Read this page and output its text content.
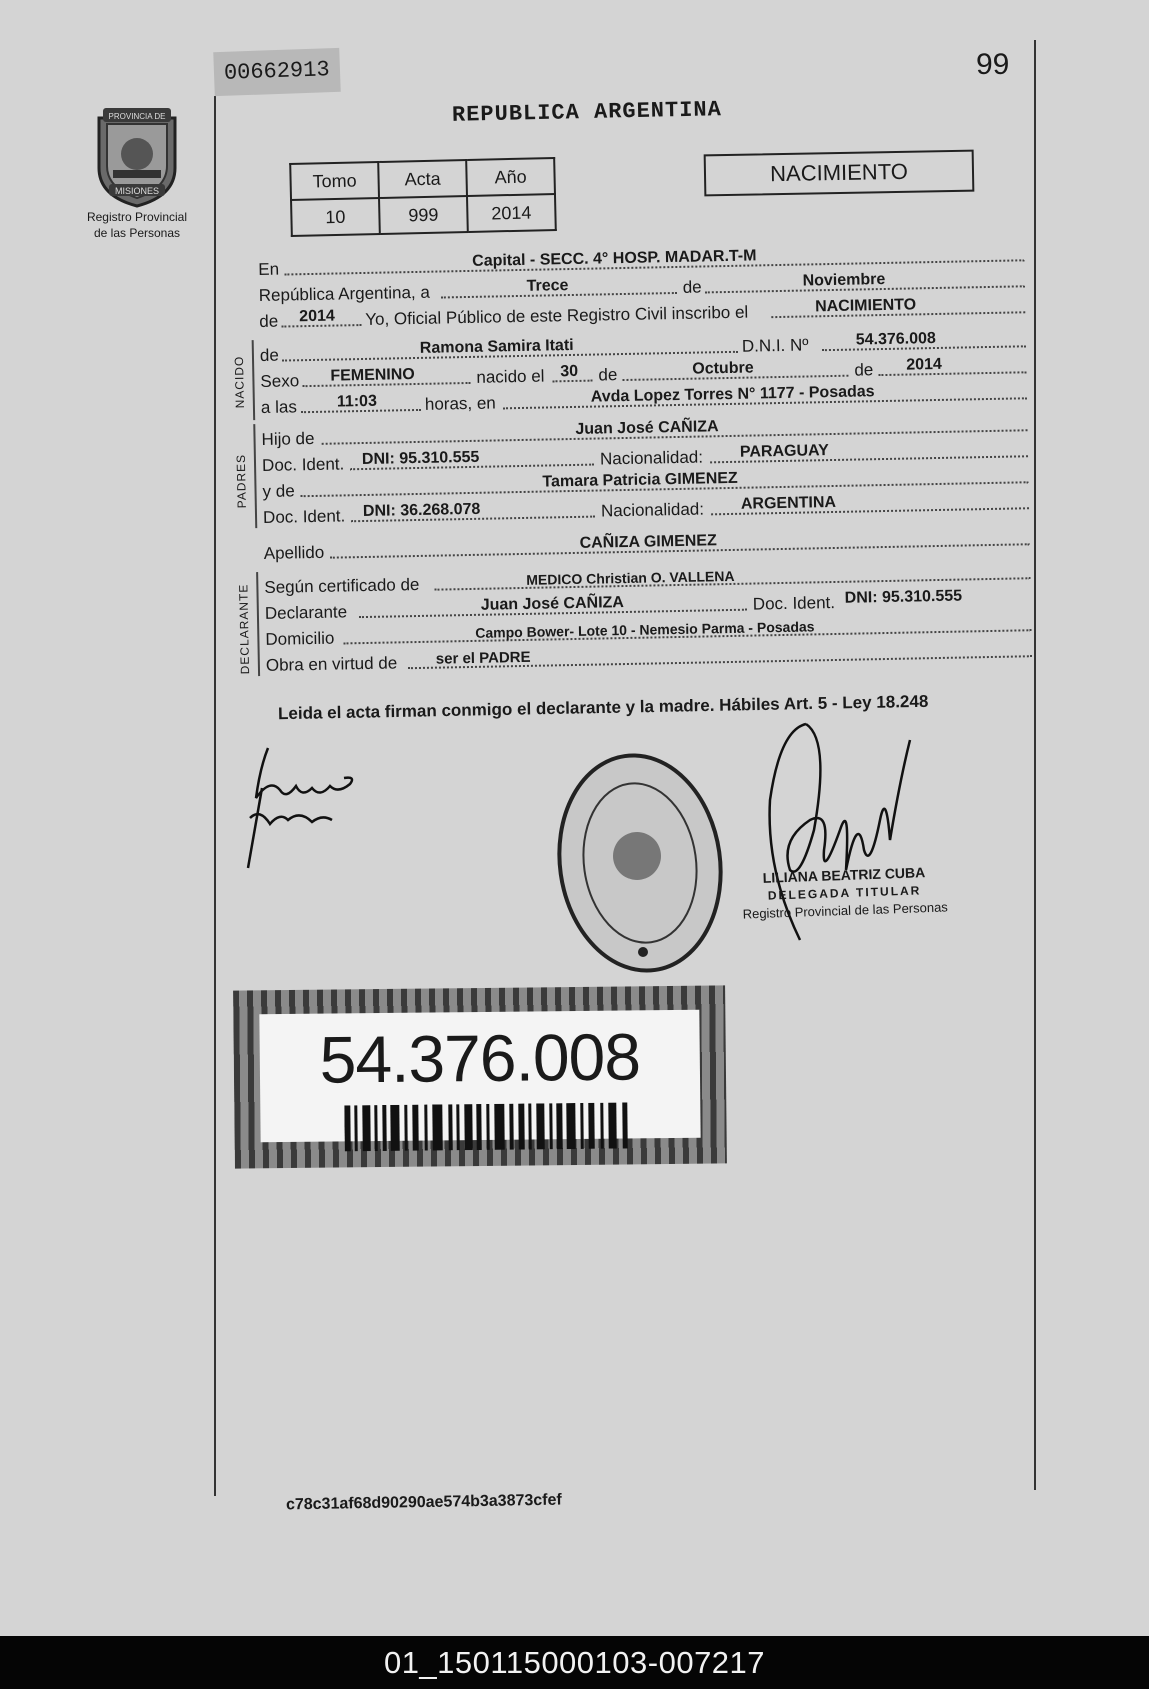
00662913	99
PROVINCIA DE
MISIONES
Registro Provincial
de las Personas
REPUBLICA ARGENTINA
Tomo	Acta	Año
10	999	2014
NACIMIENTO
En	Capital - SECC. 4° HOSP. MADAR.T-M
República Argentina, a	Trece	de	Noviembre
de 2014 Yo, Oficial Público de este Registro Civil inscribo el	NACIMIENTO
NACIDO
de	Ramona Samira Itati	D.N.I. Nº	54.376.008
Sexo FEMENINO	nacido el 30 de	Octubre	de 2014
a las 11:03	horas, en	Avda Lopez Torres N° 1177 - Posadas
PADRES
Hijo de
Juan José CAÑIZA
Doc. Ident. DNI: 95.310.555	Nacionalidad: PARAGUAY
y de
Tamara Patricia GIMENEZ
Doc. Ident. DNI: 36.268.078	Nacionalidad: ARGENTINA
Apellido
CAÑIZA GIMENEZ
DECLARANTE Según certificado de	MEDICO Christian O. VALLENA
Declarante	Juan José CAÑIZA	Doc. Ident. DNI: 95.310.555
Domicilio	Campo Bower- Lote 10 - Nemesio Parma - Posadas
Obra en virtud de	ser el PADRE
Leida el acta firman conmigo el declarante y la madre. Hábiles Art. 5 - Ley 18.248
LILIANA BEATRIZ CUBA
DELEGADA TITULAR
Registro Provincial de las Personas
54.376.008
c78c31af68d90290ae574b3a3873cfef
01_150115000103-007217
